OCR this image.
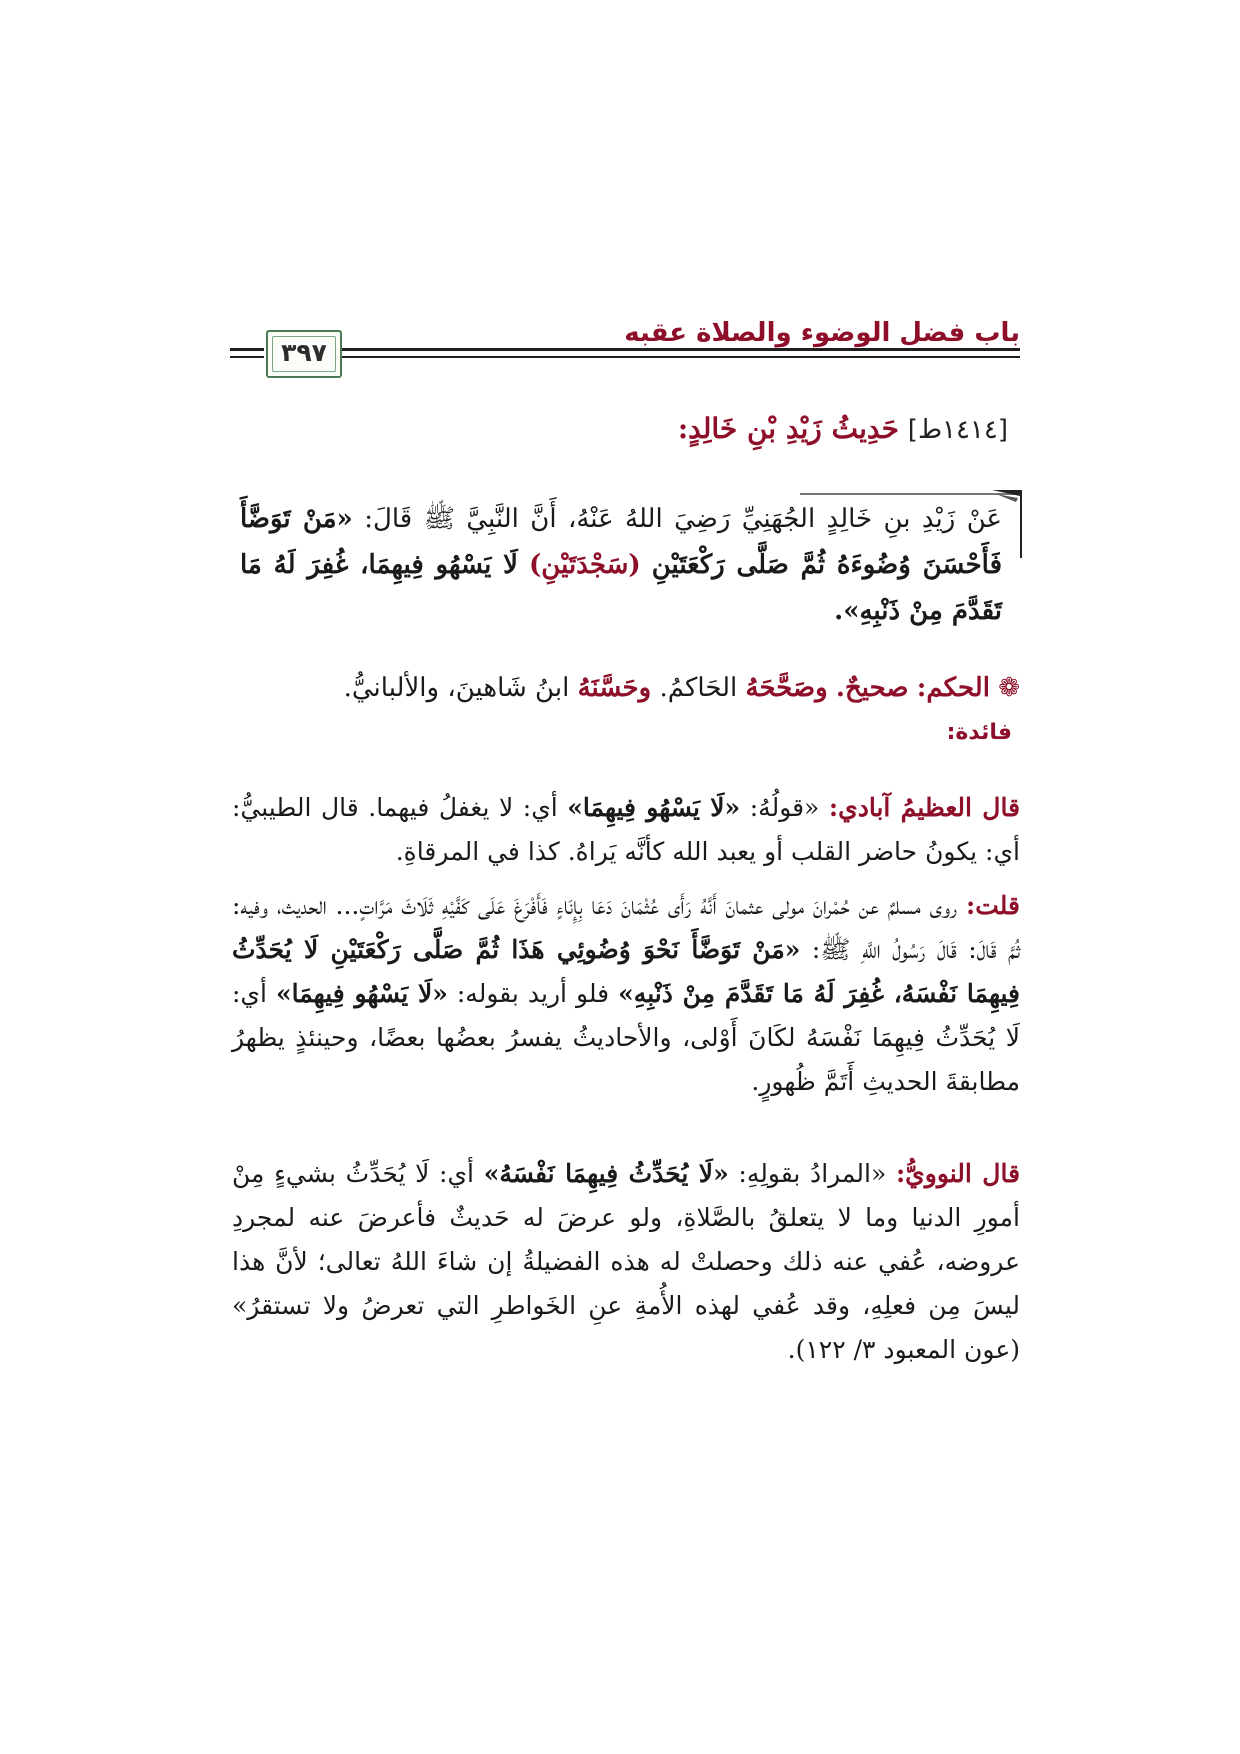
٣٩٧
باب فضل الوضوء والصلاة عقبه
[١٤١٤ط] حَدِيثُ زَيْدِ بْنِ خَالِدٍ:
عَنْ زَيْدِ بنِ خَالِدٍ الجُهَنِيِّ رَضِيَ اللهُ عَنْهُ، أَنَّ النَّبِيَّ ﷺ قَالَ: «مَنْ تَوَضَّأَ فَأَحْسَنَ وُضُوءَهُ ثُمَّ صَلَّى رَكْعَتَيْنِ (سَجْدَتَيْنِ) لَا يَسْهُو فِيهِمَا، غُفِرَ لَهُ مَا تَقَدَّمَ مِنْ ذَنْبِهِ».
❁ الحكم: صحيحٌ. وصَحَّحَهُ الحَاكمُ. وحَسَّنَهُ ابنُ شَاهينَ، والألبانيُّ.
فائدة:
قال العظيمُ آبادي: «قولُهُ: «لَا يَسْهُو فِيهِمَا» أي: لا يغفلُ فيهما. قال الطيبيُّ: أي: يكونُ حاضر القلب أو يعبد الله كأنَّه يَراهُ. كذا في المرقاةِ.
قلت: روى مسلمٌ عن حُمْرانَ مولى عثمانَ أَنَّهُ رَأَى عُثْمَانَ دَعَا بِإِنَاءٍ فَأَفْرَغَ عَلَى كَفَّيْهِ ثَلَاثَ مَرَّاتٍ... الحديث، وفيه: ثُمَّ قَالَ: قَالَ رَسُولُ اللَّهِ ﷺ: «مَنْ تَوَضَّأَ نَحْوَ وُضُوئِي هَذَا ثُمَّ صَلَّى رَكْعَتَيْنِ لَا يُحَدِّثُ فِيهِمَا نَفْسَهُ، غُفِرَ لَهُ مَا تَقَدَّمَ مِنْ ذَنْبِهِ» فلو أريد بقوله: «لَا يَسْهُو فِيهِمَا» أي: لَا يُحَدِّثُ فِيهِمَا نَفْسَهُ لكَانَ أَوْلى، والأحاديثُ يفسرُ بعضُها بعضًا، وحينئذٍ يظهرُ مطابقةَ الحديثِ أَتَمَّ ظُهورٍ.
قال النوويُّ: «المرادُ بقولِهِ: «لَا يُحَدِّثُ فِيهِمَا نَفْسَهُ» أي: لَا يُحَدِّثُ بشيءٍ مِنْ أمورِ الدنيا وما لا يتعلقُ بالصَّلاةِ، ولو عرضَ له حَديثٌ فأعرضَ عنه لمجردِ عروضه، عُفي عنه ذلك وحصلتْ له هذه الفضيلةُ إن شاءَ اللهُ تعالى؛ لأنَّ هذا ليسَ مِن فعلِهِ، وقد عُفي لهذه الأُمةِ عنِ الخَواطرِ التي تعرضُ ولا تستقرُ» (عون المعبود ٣/ ١٢٢).
